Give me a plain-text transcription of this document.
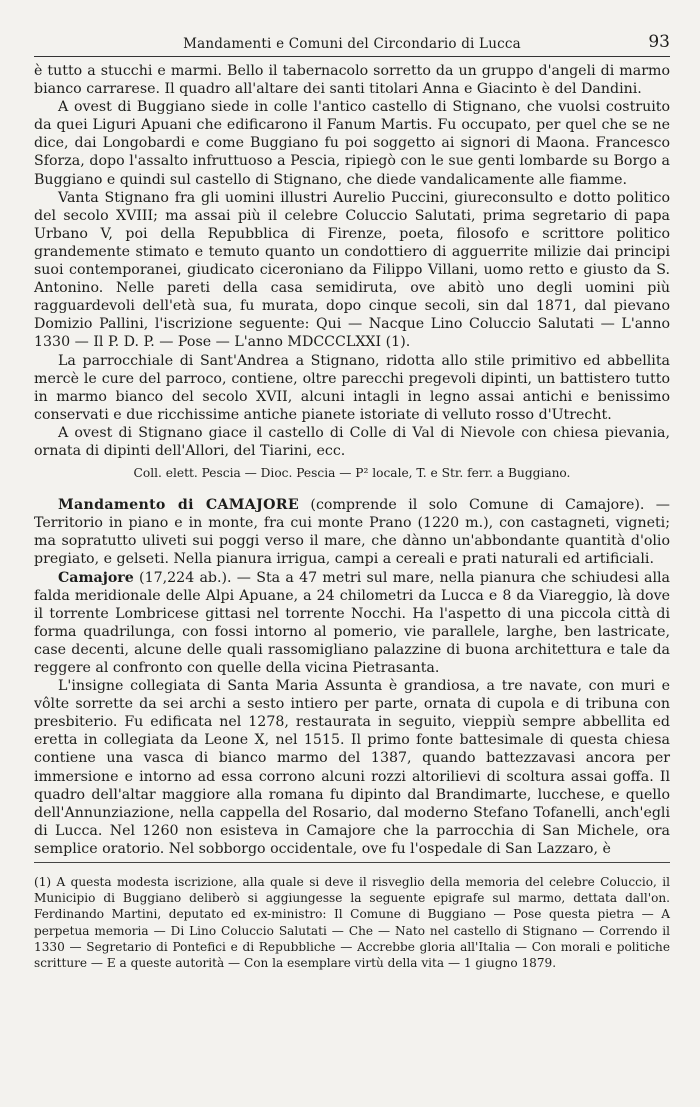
Mandamenti e Comuni del Circondario di Lucca	93

è tutto a stucchi e marmi. Bello il tabernacolo sorretto da un gruppo d'angeli di marmo bianco carrarese. Il quadro all'altare dei santi titolari Anna e Giacinto è del Dandini.

A ovest di Buggiano siede in colle l'antico castello di Stignano, che vuolsi costruito da quei Liguri Apuani che edificarono il Fanum Martis. Fu occupato, per quel che se ne dice, dai Longobardi e come Buggiano fu poi soggetto ai signori di Maona. Francesco Sforza, dopo l'assalto infruttuoso a Pescia, ripiegò con le sue genti lombarde su Borgo a Buggiano e quindi sul castello di Stignano, che diede vandalicamente alle fiamme.

Vanta Stignano fra gli uomini illustri Aurelio Puccini, giureconsulto e dotto politico del secolo XVIII; ma assai più il celebre Coluccio Salutati, prima segretario di papa Urbano V, poi della Repubblica di Firenze, poeta, filosofo e scrittore politico grandemente stimato e temuto quanto un condottiero di agguerrite milizie dai principi suoi contemporanei, giudicato ciceroniano da Filippo Villani, uomo retto e giusto da S. Antonino. Nelle pareti della casa semidiruta, ove abitò uno degli uomini più ragguardevoli dell'età sua, fu murata, dopo cinque secoli, sin dal 1871, dal pievano Domizio Pallini, l'iscrizione seguente: Qui — Nacque Lino Coluccio Salutati — L'anno 1330 — Il P. D. P. — Pose — L'anno MDCCCLXXI (1).

La parrocchiale di Sant'Andrea a Stignano, ridotta allo stile primitivo ed abbellita mercè le cure del parroco, contiene, oltre parecchi pregevoli dipinti, un battistero tutto in marmo bianco del secolo XVII, alcuni intagli in legno assai antichi e benissimo conservati e due ricchissime antiche pianete istoriate di velluto rosso d'Utrecht.

A ovest di Stignano giace il castello di Colle di Val di Nievole con chiesa pievania, ornata di dipinti dell'Allori, del Tiarini, ecc.

Coll. elett. Pescia — Dioc. Pescia — P² locale, T. e Str. ferr. a Buggiano.

Mandamento di CAMAJORE (comprende il solo Comune di Camajore). — Territorio in piano e in monte, fra cui monte Prano (1220 m.), con castagneti, vigneti; ma sopratutto uliveti sui poggi verso il mare, che dànno un'abbondante quantità d'olio pregiato, e gelseti. Nella pianura irrigua, campi a cereali e prati naturali ed artificiali.

Camajore (17,224 ab.). — Sta a 47 metri sul mare, nella pianura che schiudesi alla falda meridionale delle Alpi Apuane, a 24 chilometri da Lucca e 8 da Viareggio, là dove il torrente Lombricese gittasi nel torrente Nocchi. Ha l'aspetto di una piccola città di forma quadrilunga, con fossi intorno al pomerio, vie parallele, larghe, ben lastricate, case decenti, alcune delle quali rassomigliano palazzine di buona architettura e tale da reggere al confronto con quelle della vicina Pietrasanta.

L'insigne collegiata di Santa Maria Assunta è grandiosa, a tre navate, con muri e vôlte sorrette da sei archi a sesto intiero per parte, ornata di cupola e di tribuna con presbiterio. Fu edificata nel 1278, restaurata in seguito, vieppiù sempre abbellita ed eretta in collegiata da Leone X, nel 1515. Il primo fonte battesimale di questa chiesa contiene una vasca di bianco marmo del 1387, quando battezzavasi ancora per immersione e intorno ad essa corrono alcuni rozzi altorilievi di scoltura assai goffa. Il quadro dell'altar maggiore alla romana fu dipinto dal Brandimarte, lucchese, e quello dell'Annunziazione, nella cappella del Rosario, dal moderno Stefano Tofanelli, anch'egli di Lucca. Nel 1260 non esisteva in Camajore che la parrocchia di San Michele, ora semplice oratorio. Nel sobborgo occidentale, ove fu l'ospedale di San Lazzaro, è

(1) A questa modesta iscrizione, alla quale si deve il risveglio della memoria del celebre Coluccio, il Municipio di Buggiano deliberò si aggiungesse la seguente epigrafe sul marmo, dettata dall'on. Ferdinando Martini, deputato ed ex-ministro: Il Comune di Buggiano — Pose questa pietra — A perpetua memoria — Di Lino Coluccio Salutati — Che — Nato nel castello di Stignano — Correndo il 1330 — Segretario di Pontefici e di Repubbliche — Accrebbe gloria all'Italia — Con morali e politiche scritture — E a queste autorità — Con la esemplare virtù della vita — 1 giugno 1879.
